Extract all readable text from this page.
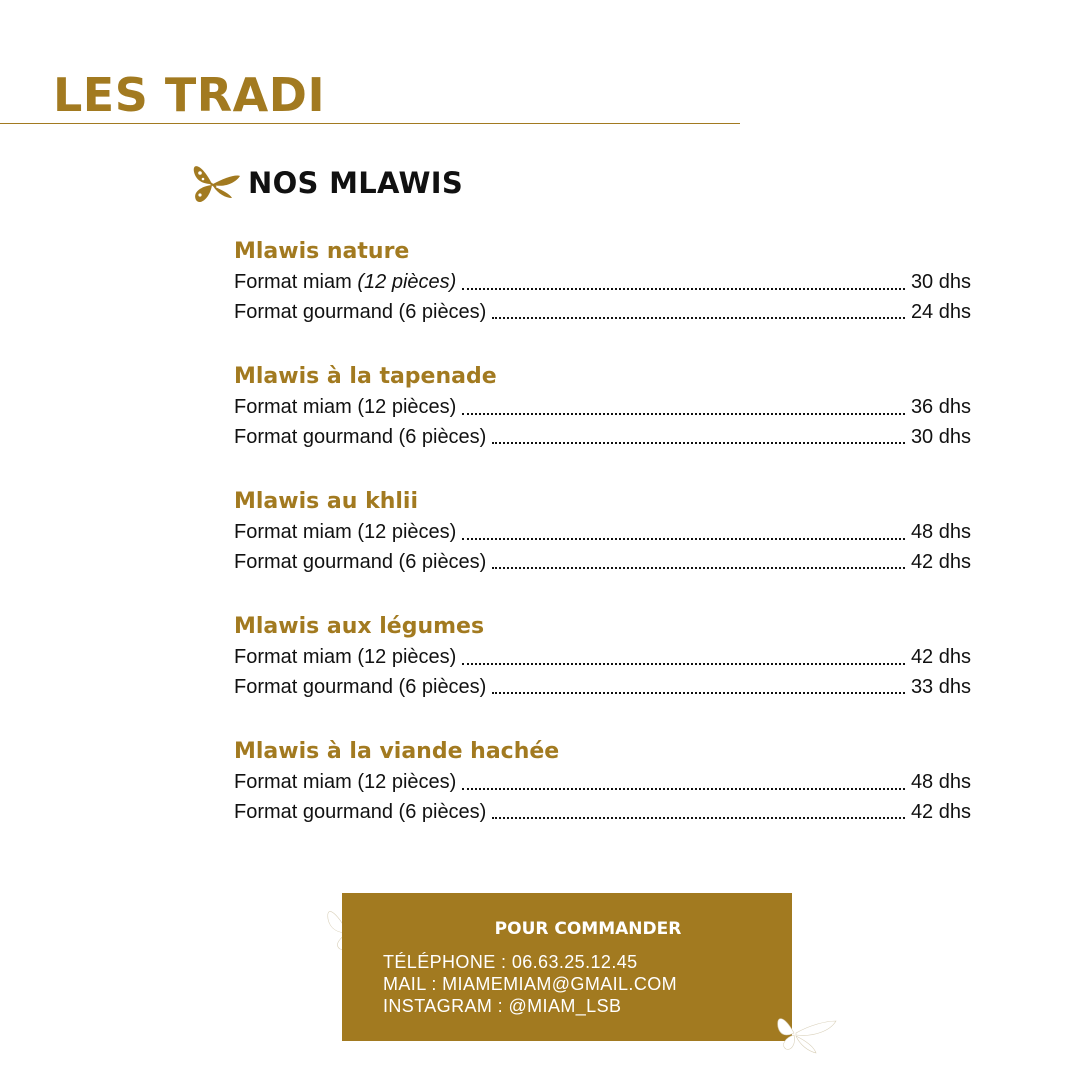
LES TRADI
NOS MLAWIS
Mlawis nature
Format miam (12 pièces)	30 dhs
Format gourmand (6 pièces)	24 dhs
Mlawis à la tapenade
Format miam (12 pièces)	36 dhs
Format gourmand (6 pièces)	30 dhs
Mlawis au khlii
Format miam (12 pièces)	48 dhs
Format gourmand (6 pièces)	42 dhs
Mlawis aux légumes
Format miam (12 pièces)	42 dhs
Format gourmand (6 pièces)	33 dhs
Mlawis à la viande hachée
Format miam (12 pièces)	48 dhs
Format gourmand (6 pièces)	42 dhs
POUR COMMANDER
TÉLÉPHONE : 06.63.25.12.45
MAIL : MIAMEMIAM@GMAIL.COM
INSTAGRAM : @MIAM_LSB
